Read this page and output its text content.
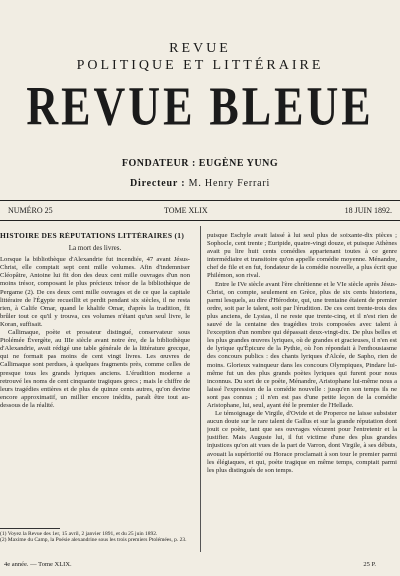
REVUE
POLITIQUE ET LITTÉRAIRE
REVUE BLEUE
FONDATEUR : EUGÈNE YUNG
Directeur : M. Henry Ferrari
NUMÉRO 25	TOME XLIX	18 JUIN 1892.
HISTOIRE DES RÉPUTATIONS LITTÉRAIRES (1)
La mort des livres.

Lorsque la bibliothèque d'Alexandrie fut incendiée, 47 avant Jésus-Christ, elle comptait sept cent mille volumes. Afin d'indemniser Cléopâtre, Antoine lui fit don des deux cent mille ouvrages d'un non moins trésor, composant le plus précieux trésor de la bibliothèque de Pergame (2). De ces deux cent mille ouvrages et de ce que la capitale littéraire de l'Égypte recueillit et perdit pendant six siècles, il ne resta rien, à Calife Omar, quand le khalife Omar, d'après la tradition, fit brûler tout ce qu'il y trouva, ces volumes n'étant qu'un seul livre, le Koran, suffisait.

Callimaque, poète et prosateur distingué, conservateur sous Ptolémée Évergète, au IIIe siècle avant notre ère, de la bibliothèque d'Alexandrie, avait rédigé une table générale de la littérature grecque, qui ne formait pas moins de cent vingt livres. Les œuvres de Callimaque sont perdues, à quelques fragments près, comme celles de presque tous les grands lyriques anciens. L'érudition moderne a retrouvé les noms de cent cinquante tragiques grecs ; mais le chiffre de leurs tragédies entières et de plus de quinze cents autres, qu'on devine encore approximatif, un millier encore inédits, paraît être tout au-dessous de la réalité.

(1) Voyez la Revue des 1er, 15 avril, 2 janvier 1891, et du 25 juin 1892.
(2) Maxime du Camp, la Poésie alexandrine sous les trois premiers Ptolémées, p. 23.

puisque Eschyle avait laissé à lui seul plus de soixante-dix pièces ; Sophocle, cent trente ; Euripide, quatre-vingt douze, et puisque Athènes avait pu lire huit cents comédies appartenant toutes à ce genre intermédiaire et transitoire qu'on appelle comédie moyenne. Ménandre, chef de file et en fut, fondateur de la comédie nouvelle, a plus écrit que Philémon, son rival.

Entre le IVe siècle avant l'ère chrétienne et le VIe siècle après Jésus-Christ, on compte, seulement en Grèce, plus de six cents historiens, parmi lesquels, au dire d'Hérodote, qui, une trentaine étaient de premier ordre, soit par le talent, soit par l'érudition. De ces cent trente-trois des plus anciens, de Lysias, il ne reste que trente-cinq, et il n'est rien de sauvé de la centaine des tragédies trois composées avec talent à l'exception d'un nombre qui dépassait deux-vingt-dix. De plus belles et les plus grandes œuvres lyriques, où de grandes et gracieuses, il n'en est de lyrique qu'Épicure de la Pythie, où l'on répondait à l'enthousiasme des concours publics : des chants lyriques d'Alcée, de Sapho, rien de moins. Glorieux vainqueur dans les concours Olympiques, Pindare lui-même fut un des plus grands poètes lyriques qui furent pour nous inconnus. Du sort de ce poète, Ménandre, Aristophane lui-même nous a laissé l'expression de la comédie nouvelle : jusqu'en son temps ils ne sont pas connus ; il n'en est pas d'une petite leçon de la comédie Aristophane, lui, seul, ayant été le premier de l'Hellade.

Le témoignage de Virgile, d'Ovide et de Properce ne laisse subsister aucun doute sur le rare talent de Gallus et sur la grande réputation dont jouit ce poète, tant que ses ouvrages vécurent pour l'entretenir et la justifier. Mais Auguste lui, il fut victime d'une des plus grandes injustices qu'on ait vues de la part de Varron, dont Virgile, à ses débuts, avouait la supériorité ou Horace proclamait à son tour le premier parmi les élégiaques, et qui, poète tragique en même temps, comptait parmi les plus distingués de son temps.

4e année. — Tome XLIX.	25 P.
